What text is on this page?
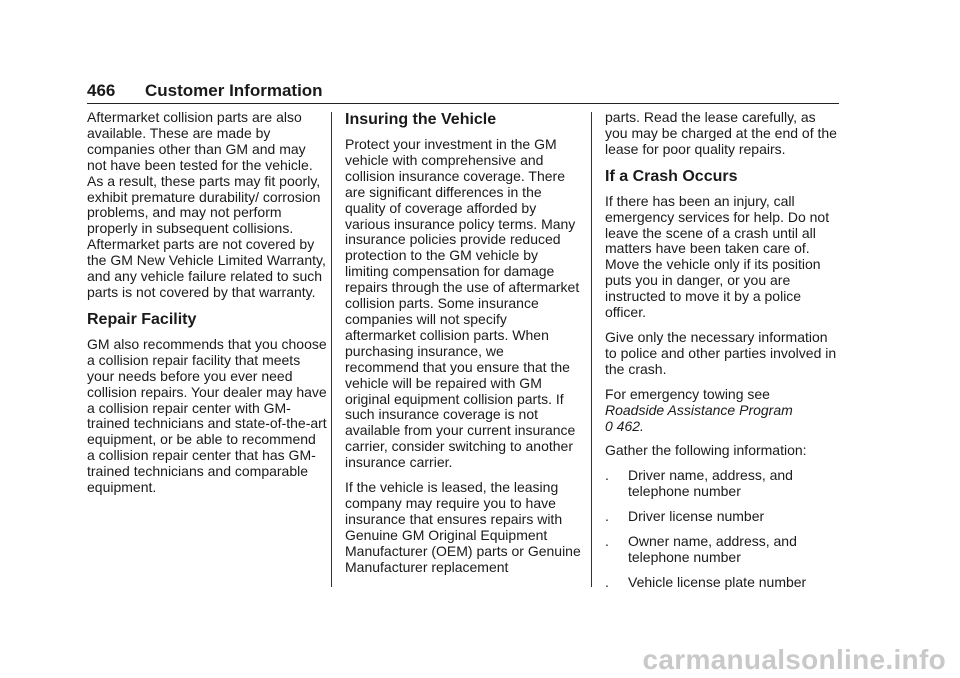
466 Customer Information

Aftermarket collision parts are also available. These are made by companies other than GM and may not have been tested for the vehicle. As a result, these parts may fit poorly, exhibit premature durability/ corrosion problems, and may not perform properly in subsequent collisions. Aftermarket parts are not covered by the GM New Vehicle Limited Warranty, and any vehicle failure related to such parts is not covered by that warranty.

Repair Facility

GM also recommends that you choose a collision repair facility that meets your needs before you ever need collision repairs. Your dealer may have a collision repair center with GM-trained technicians and state-of-the-art equipment, or be able to recommend a collision repair center that has GM-trained technicians and comparable equipment.

Insuring the Vehicle

Protect your investment in the GM vehicle with comprehensive and collision insurance coverage. There are significant differences in the quality of coverage afforded by various insurance policy terms. Many insurance policies provide reduced protection to the GM vehicle by limiting compensation for damage repairs through the use of aftermarket collision parts. Some insurance companies will not specify aftermarket collision parts. When purchasing insurance, we recommend that you ensure that the vehicle will be repaired with GM original equipment collision parts. If such insurance coverage is not available from your current insurance carrier, consider switching to another insurance carrier.

If the vehicle is leased, the leasing company may require you to have insurance that ensures repairs with Genuine GM Original Equipment Manufacturer (OEM) parts or Genuine Manufacturer replacement

parts. Read the lease carefully, as you may be charged at the end of the lease for poor quality repairs.

If a Crash Occurs

If there has been an injury, call emergency services for help. Do not leave the scene of a crash until all matters have been taken care of. Move the vehicle only if its position puts you in danger, or you are instructed to move it by a police officer.

Give only the necessary information to police and other parties involved in the crash.

For emergency towing see
Roadside Assistance Program
0 462.

Gather the following information:

. Driver name, address, and telephone number
. Driver license number
. Owner name, address, and telephone number
. Vehicle license plate number
carmanualsonline.info
